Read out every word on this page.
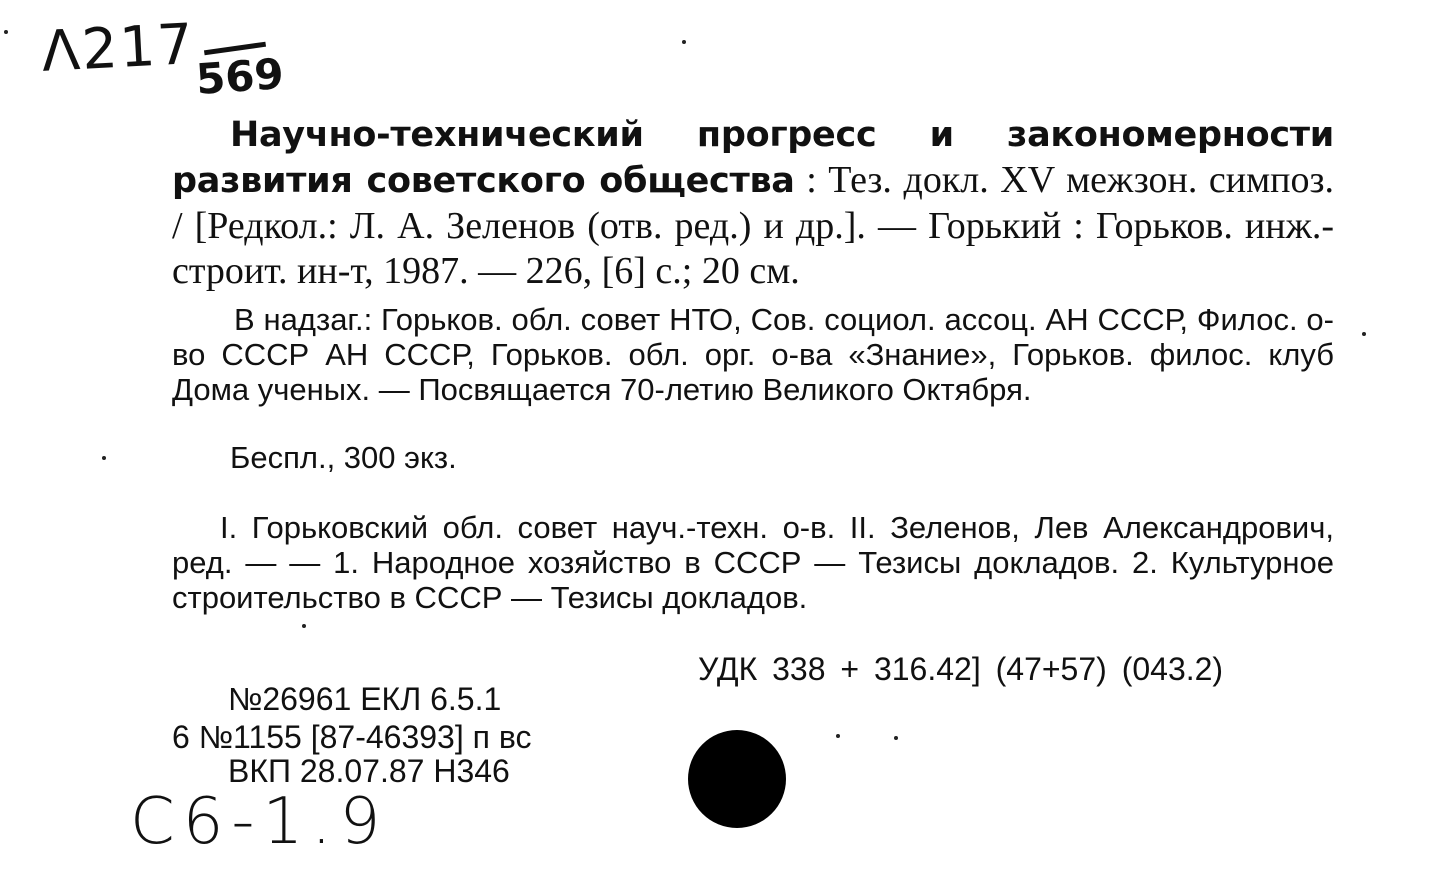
Λ217
569
Научно-технический прогресс и закономерности развития советского общества : Тез. докл. XV межзон. симпоз. / [Редкол.: Л. А. Зеленов (отв. ред.) и др.]. — Горький : Горьков. инж.-строит. ин-т, 1987. — 226, [6] с.; 20 см.
В надзаг.: Горьков. обл. совет НТО, Сов. социол. ассоц. АН СССР, Филос. о-во СССР АН СССР, Горьков. обл. орг. о-ва «Знание», Горьков. филос. клуб Дома ученых. — Посвящается 70-летию Великого Октября.
Беспл., 300 экз.
I. Горьковский обл. совет науч.-техн. о-в. II. Зеленов, Лев Александрович, ред. — — 1. Народное хозяйство в СССР — Тезисы докладов. 2. Культурное строительство в СССР — Тезисы докладов.
УДК 338 + 316.42] (47+57) (043.2)
№26961 ЕКЛ 6.5.1
6 №1155 [87-46393] п вс
ВКП 28.07.87 Н346
C6-1.9
